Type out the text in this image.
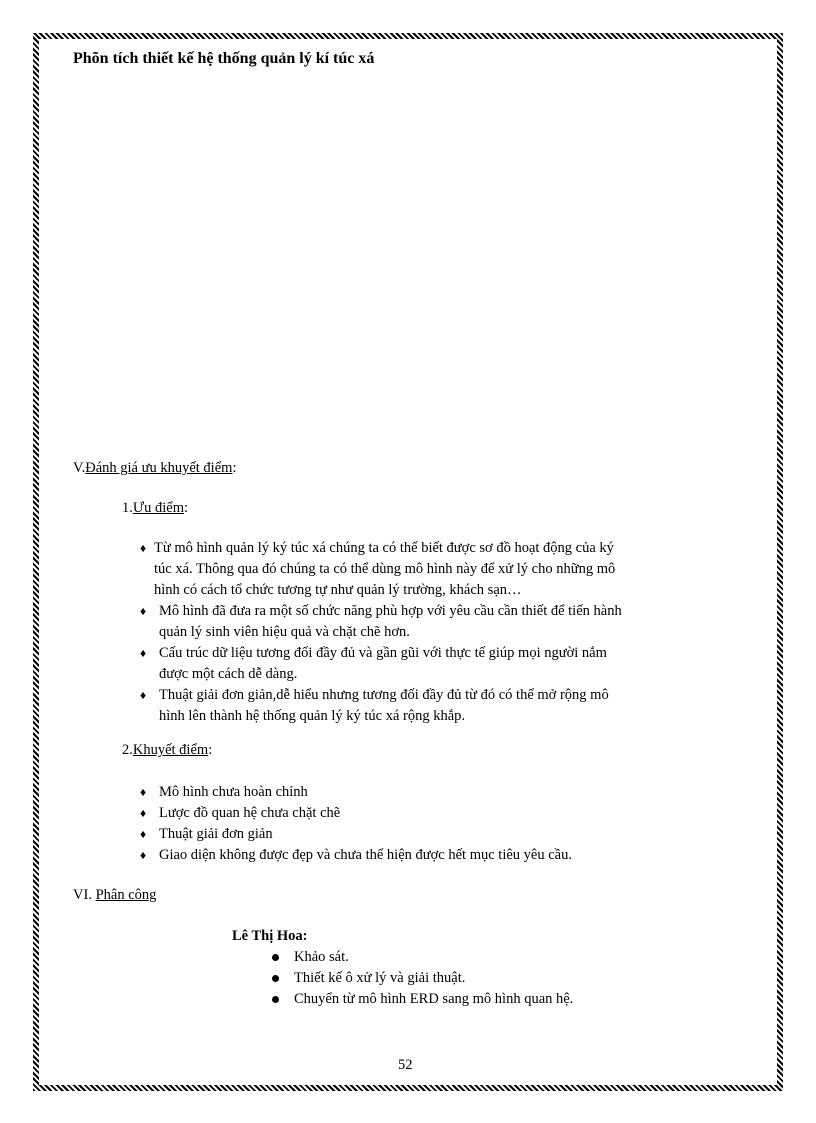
Phõn tích thiết kế hệ thống quản lý kí túc xá
V.Đánh giá ưu khuyết điểm:
1.Ưu điểm:
♦ Từ mô hình quản lý ký túc xá chúng ta có thể biết được sơ đồ hoạt động của ký
túc xá. Thông qua đó chúng ta có thể dùng mô hình này để xử lý cho những mô
hình có cách tổ chức tương tự như quản lý trường, khách sạn…
♦ Mô hình đã đưa ra một số chức năng phù hợp với yêu cầu cần thiết để tiến hành
quản lý sinh viên hiệu quả và chặt chẽ hơn.
♦ Cấu trúc dữ liệu tương đối đầy đủ và gần gũi với thực tế giúp mọi người nắm
được một cách dễ dàng.
♦ Thuật giải đơn giản,dễ hiểu nhưng tương đối đầy đủ từ đó có thể mở rộng mô
hình lên thành hệ thống quản lý ký túc xá rộng khắp.
2.Khuyết điểm:
♦ Mô hình chưa hoàn chỉnh
♦ Lược đồ quan hệ chưa chặt chẽ
♦ Thuật giải đơn giản
♦ Giao diện không được đẹp và chưa thể hiện được hết mục tiêu yêu cầu.
VI. Phân công
Lê Thị Hoa:
Khảo sát.
Thiết kế ô xử lý và giải thuật.
Chuyển từ mô hình ERD sang mô hình quan hệ.
52
